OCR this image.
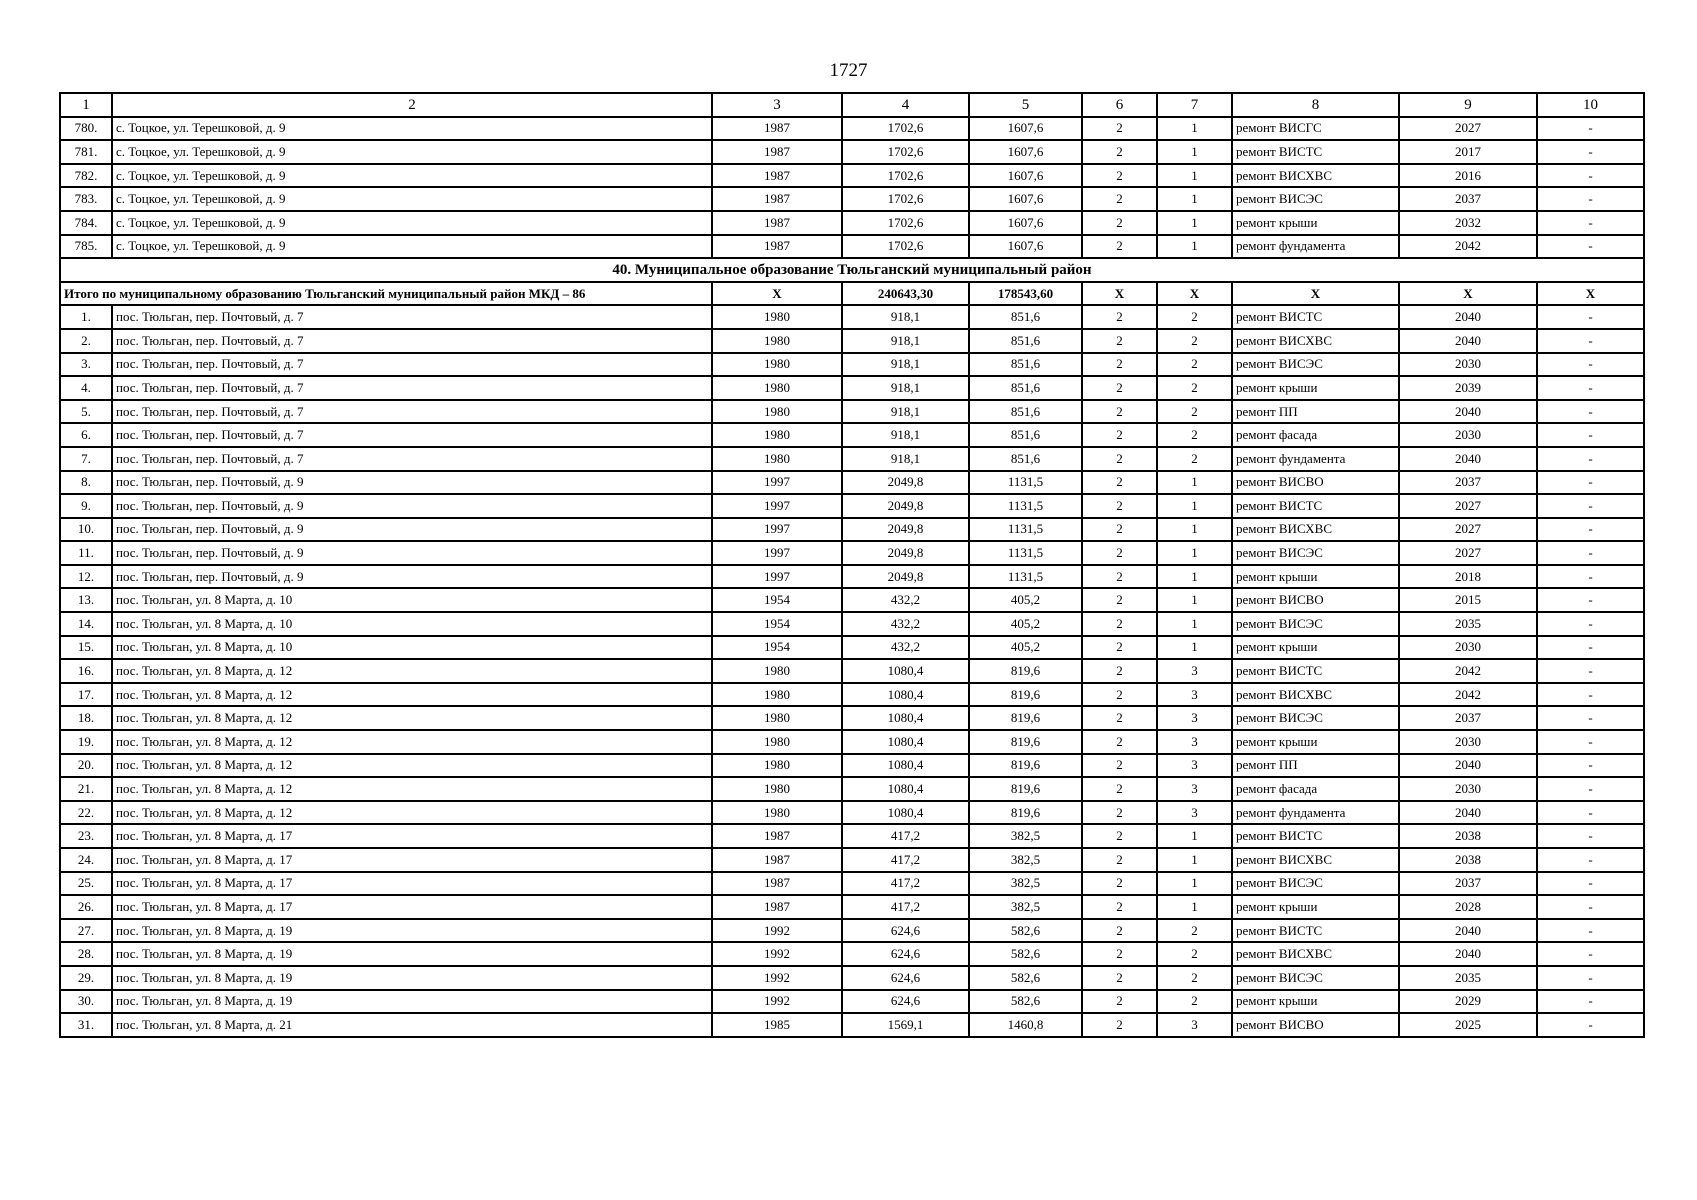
1727
1	2	3	4	5	6	7	8	9	10
780.	с. Тоцкое, ул. Терешковой, д. 9	1987	1702,6	1607,6	2	1	ремонт ВИСГС	2027	-
781.	с. Тоцкое, ул. Терешковой, д. 9	1987	1702,6	1607,6	2	1	ремонт ВИСТС	2017	-
782.	с. Тоцкое, ул. Терешковой, д. 9	1987	1702,6	1607,6	2	1	ремонт ВИСХВС	2016	-
783.	с. Тоцкое, ул. Терешковой, д. 9	1987	1702,6	1607,6	2	1	ремонт ВИСЭС	2037	-
784.	с. Тоцкое, ул. Терешковой, д. 9	1987	1702,6	1607,6	2	1	ремонт крыши	2032	-
785.	с. Тоцкое, ул. Терешковой, д. 9	1987	1702,6	1607,6	2	1	ремонт фундамента	2042	-
40. Муниципальное образование Тюльганский муниципальный район									
Итого по муниципальному образованию Тюльганский муниципальный район МКД – 86		Х	240643,30	178543,60	Х	Х	Х	Х	Х
1.	пос. Тюльган, пер. Почтовый, д. 7	1980	918,1	851,6	2	2	ремонт ВИСТС	2040	-
2.	пос. Тюльган, пер. Почтовый, д. 7	1980	918,1	851,6	2	2	ремонт ВИСХВС	2040	-
3.	пос. Тюльган, пер. Почтовый, д. 7	1980	918,1	851,6	2	2	ремонт ВИСЭС	2030	-
4.	пос. Тюльган, пер. Почтовый, д. 7	1980	918,1	851,6	2	2	ремонт крыши	2039	-
5.	пос. Тюльган, пер. Почтовый, д. 7	1980	918,1	851,6	2	2	ремонт ПП	2040	-
6.	пос. Тюльган, пер. Почтовый, д. 7	1980	918,1	851,6	2	2	ремонт фасада	2030	-
7.	пос. Тюльган, пер. Почтовый, д. 7	1980	918,1	851,6	2	2	ремонт фундамента	2040	-
8.	пос. Тюльган, пер. Почтовый, д. 9	1997	2049,8	1131,5	2	1	ремонт ВИСВО	2037	-
9.	пос. Тюльган, пер. Почтовый, д. 9	1997	2049,8	1131,5	2	1	ремонт ВИСТС	2027	-
10.	пос. Тюльган, пер. Почтовый, д. 9	1997	2049,8	1131,5	2	1	ремонт ВИСХВС	2027	-
11.	пос. Тюльган, пер. Почтовый, д. 9	1997	2049,8	1131,5	2	1	ремонт ВИСЭС	2027	-
12.	пос. Тюльган, пер. Почтовый, д. 9	1997	2049,8	1131,5	2	1	ремонт крыши	2018	-
13.	пос. Тюльган, ул. 8 Марта, д. 10	1954	432,2	405,2	2	1	ремонт ВИСВО	2015	-
14.	пос. Тюльган, ул. 8 Марта, д. 10	1954	432,2	405,2	2	1	ремонт ВИСЭС	2035	-
15.	пос. Тюльган, ул. 8 Марта, д. 10	1954	432,2	405,2	2	1	ремонт крыши	2030	-
16.	пос. Тюльган, ул. 8 Марта, д. 12	1980	1080,4	819,6	2	3	ремонт ВИСТС	2042	-
17.	пос. Тюльган, ул. 8 Марта, д. 12	1980	1080,4	819,6	2	3	ремонт ВИСХВС	2042	-
18.	пос. Тюльган, ул. 8 Марта, д. 12	1980	1080,4	819,6	2	3	ремонт ВИСЭС	2037	-
19.	пос. Тюльган, ул. 8 Марта, д. 12	1980	1080,4	819,6	2	3	ремонт крыши	2030	-
20.	пос. Тюльган, ул. 8 Марта, д. 12	1980	1080,4	819,6	2	3	ремонт ПП	2040	-
21.	пос. Тюльган, ул. 8 Марта, д. 12	1980	1080,4	819,6	2	3	ремонт фасада	2030	-
22.	пос. Тюльган, ул. 8 Марта, д. 12	1980	1080,4	819,6	2	3	ремонт фундамента	2040	-
23.	пос. Тюльган, ул. 8 Марта, д. 17	1987	417,2	382,5	2	1	ремонт ВИСТС	2038	-
24.	пос. Тюльган, ул. 8 Марта, д. 17	1987	417,2	382,5	2	1	ремонт ВИСХВС	2038	-
25.	пос. Тюльган, ул. 8 Марта, д. 17	1987	417,2	382,5	2	1	ремонт ВИСЭС	2037	-
26.	пос. Тюльган, ул. 8 Марта, д. 17	1987	417,2	382,5	2	1	ремонт крыши	2028	-
27.	пос. Тюльган, ул. 8 Марта, д. 19	1992	624,6	582,6	2	2	ремонт ВИСТС	2040	-
28.	пос. Тюльган, ул. 8 Марта, д. 19	1992	624,6	582,6	2	2	ремонт ВИСХВС	2040	-
29.	пос. Тюльган, ул. 8 Марта, д. 19	1992	624,6	582,6	2	2	ремонт ВИСЭС	2035	-
30.	пос. Тюльган, ул. 8 Марта, д. 19	1992	624,6	582,6	2	2	ремонт крыши	2029	-
31.	пос. Тюльган, ул. 8 Марта, д. 21	1985	1569,1	1460,8	2	3	ремонт ВИСВО	2025	-
